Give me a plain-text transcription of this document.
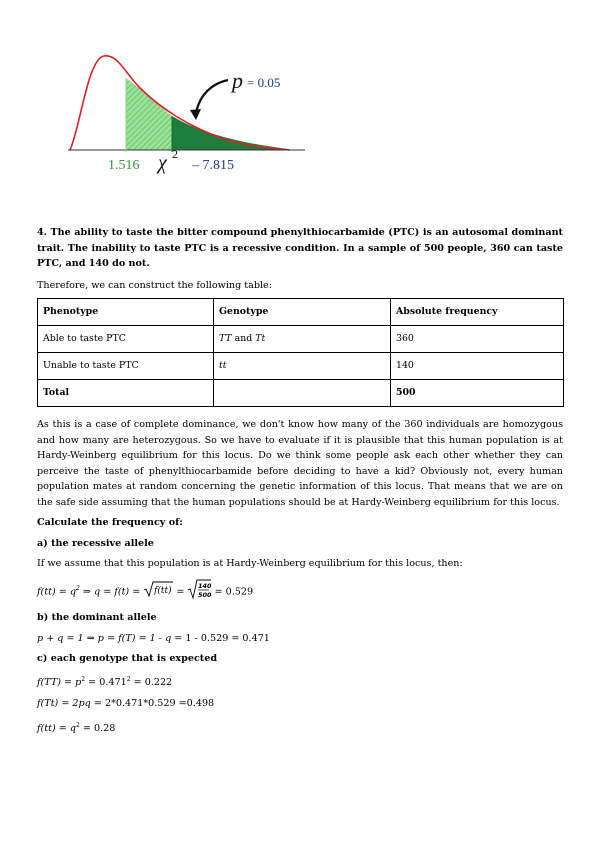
p = 0.05
1.516 χ 2
– 7.815

4. The ability to taste the bitter compound phenylthiocarbamide (PTC) is an autosomal dominant trait. The inability to taste PTC is a recessive condition. In a sample of 500 people, 360 can taste PTC, and 140 do not.

Therefore, we can construct the following table:

Phenotype	Genotype	Absolute frequency
Able to taste PTC	TT and Tt	360
Unable to taste PTC	tt	140
Total		500

As this is a case of complete dominance, we don't know how many of the 360 individuals are homozygous and how many are heterozygous. So we have to evaluate if it is plausible that this human population is at Hardy-Weinberg equilibrium for this locus. Do we think some people ask each other whether they can perceive the taste of phenylthiocarbamide before deciding to have a kid? Obviously not, every human population mates at random concerning the genetic information of this locus. That means that we are on the safe side assuming that the human populations should be at Hardy-Weinberg equilibrium for this locus.

Calculate the frequency of:

a) the recessive allele

If we assume that this population is at Hardy-Weinberg equilibrium for this locus, then:

$f(tt) = q^2$ ⇒ q = f(t) = f(tt) =
140
500 = 0.529

b) the dominant allele

p + q = 1 ⇒ p = f(T) = 1 - q = 1 - 0.529 = 0.471

c) each genotype that is expected

$f(TT) = p^2 = 0.471^2 = 0.222$

f(Tt) = 2pq = 2*0.471*0.529 =0.498

$f(tt) = q^2 = 0.28$
